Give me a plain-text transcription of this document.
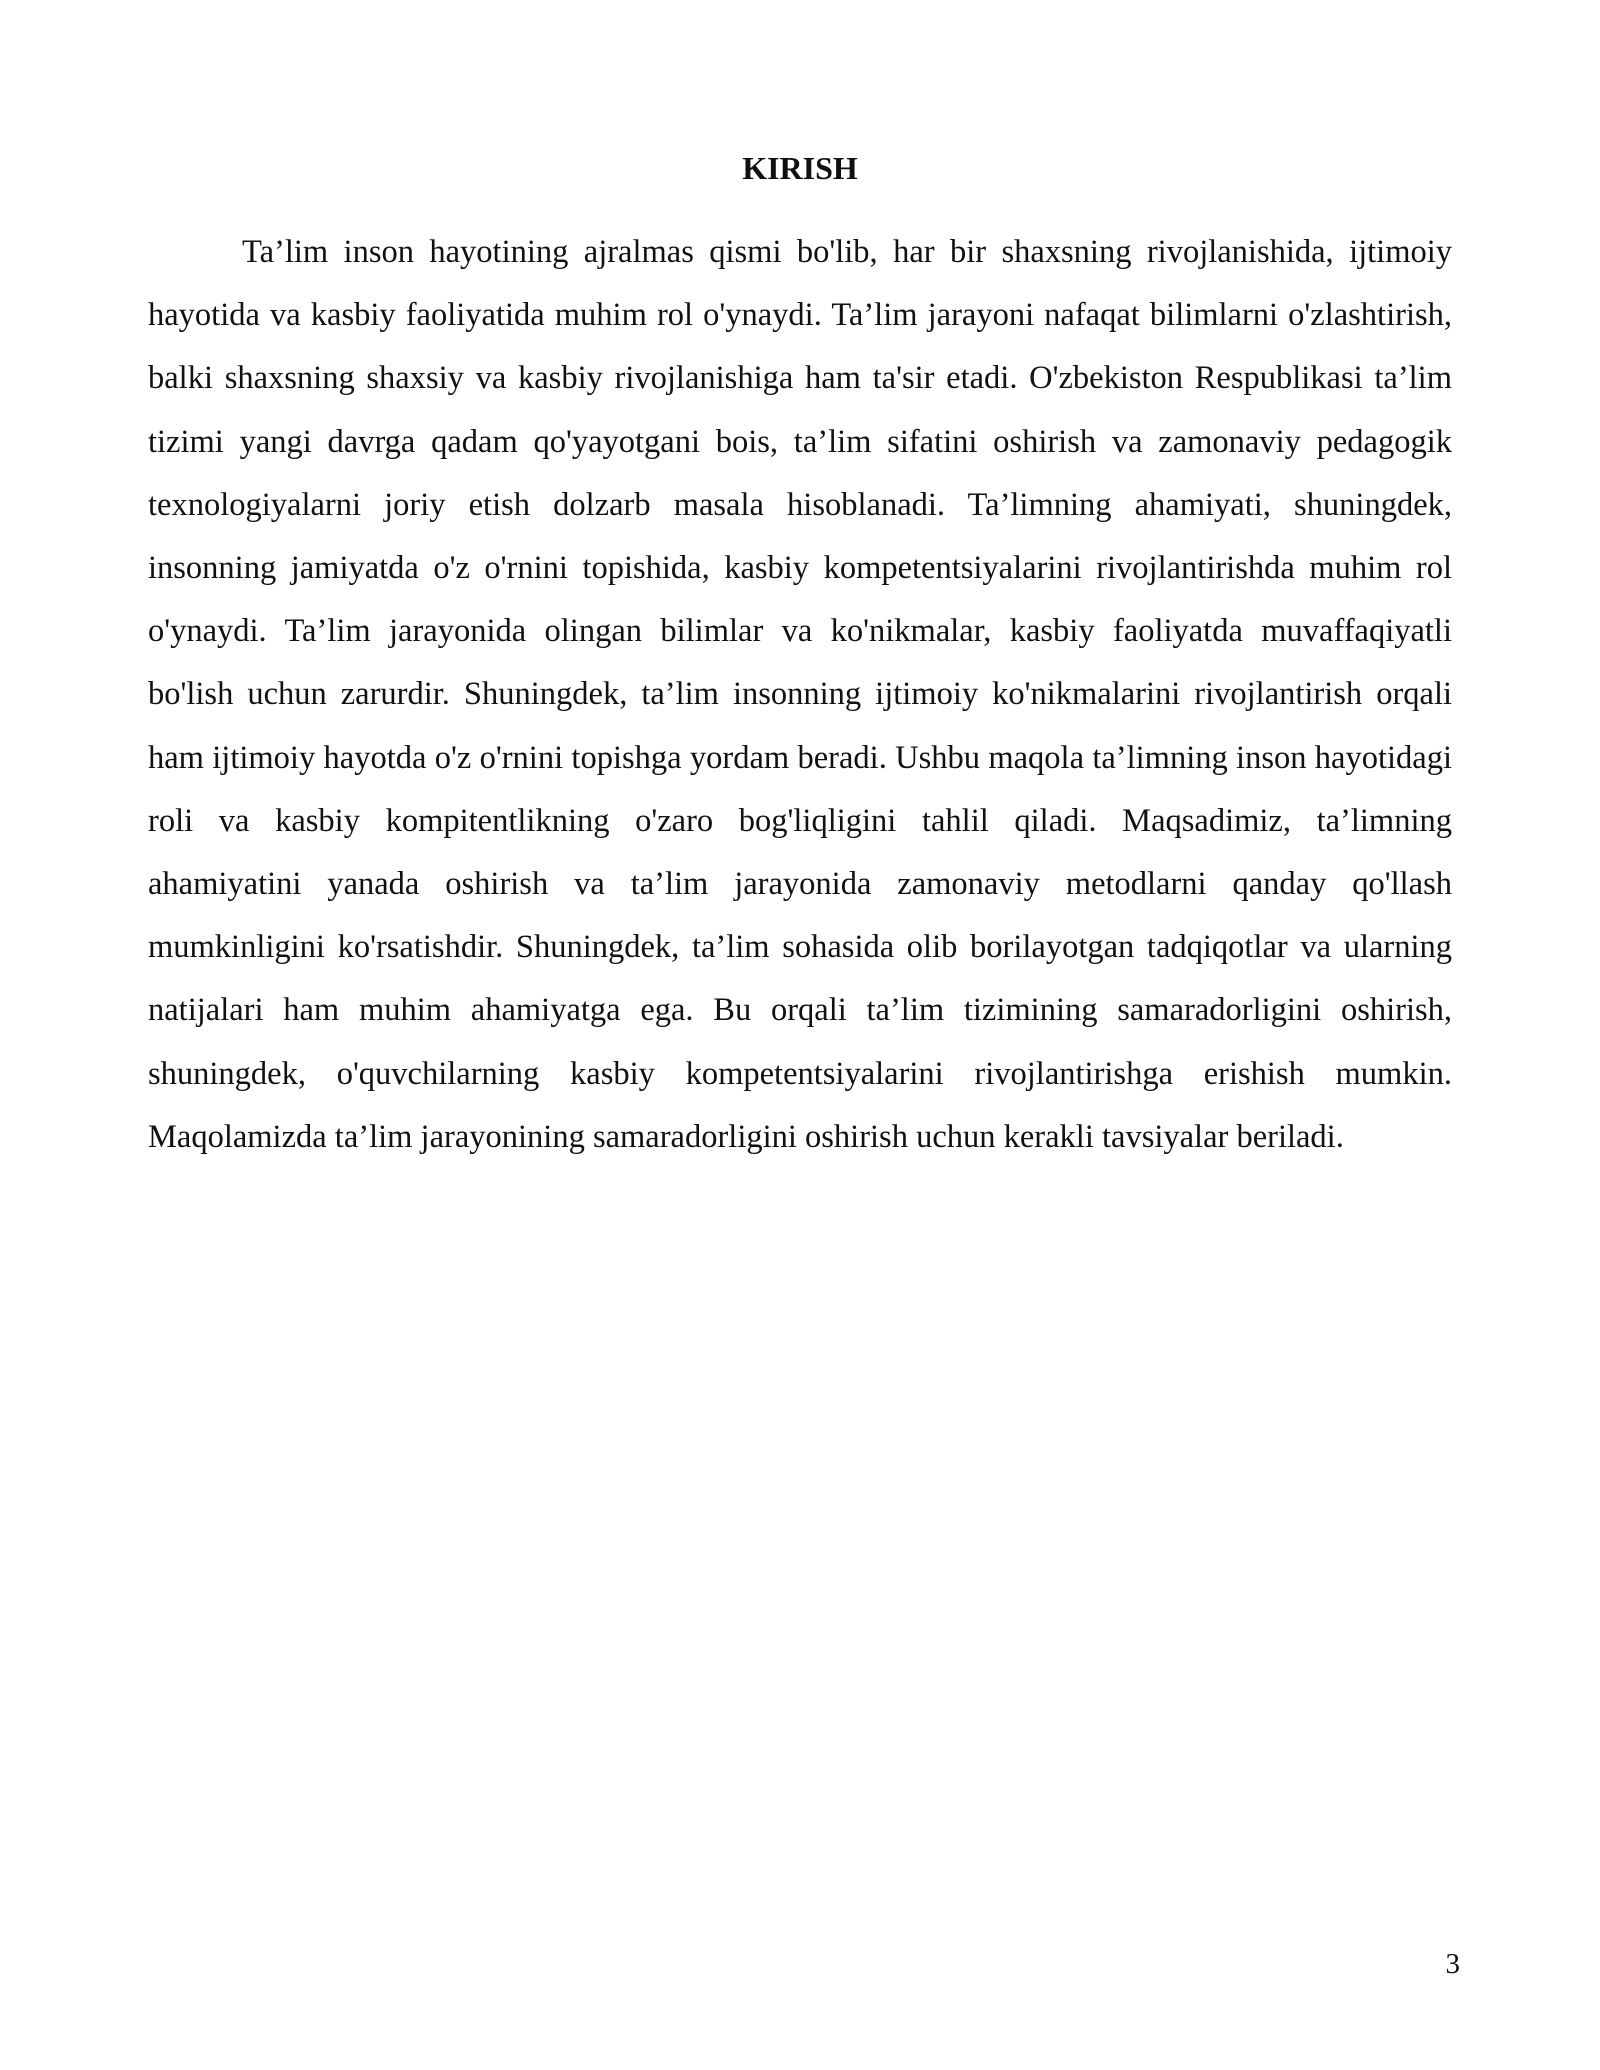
KIRISH

Ta’lim inson hayotining ajralmas qismi bo'lib, har bir shaxsning rivojlanishida, ijtimoiy hayotida va kasbiy faoliyatida muhim rol o'ynaydi. Ta’lim jarayoni nafaqat bilimlarni o'zlashtirish, balki shaxsning shaxsiy va kasbiy rivojlanishiga ham ta'sir etadi. O'zbekiston Respublikasi ta’lim tizimi yangi davrga qadam qo'yayotgani bois, ta’lim sifatini oshirish va zamonaviy pedagogik texnologiyalarni joriy etish dolzarb masala hisoblanadi. Ta’limning ahamiyati, shuningdek, insonning jamiyatda o'z o'rnini topishida, kasbiy kompetentsiyalarini rivojlantirishda muhim rol o'ynaydi. Ta’lim jarayonida olingan bilimlar va ko'nikmalar, kasbiy faoliyatda muvaffaqiyatli bo'lish uchun zarurdir. Shuningdek, ta’lim insonning ijtimoiy ko'nikmalarini rivojlantirish orqali ham ijtimoiy hayotda o'z o'rnini topishga yordam beradi. Ushbu maqola ta’limning inson hayotidagi roli va kasbiy kompitentlikning o'zaro bog'liqligini tahlil qiladi. Maqsadimiz, ta’limning ahamiyatini yanada oshirish va ta’lim jarayonida zamonaviy metodlarni qanday qo'llash mumkinligini ko'rsatishdir. Shuningdek, ta’lim sohasida olib borilayotgan tadqiqotlar va ularning natijalari ham muhim ahamiyatga ega. Bu orqali ta’lim tizimining samaradorligini oshirish, shuningdek, o'quvchilarning kasbiy kompetentsiyalarini rivojlantirishga erishish mumkin. Maqolamizda ta’lim jarayonining samaradorligini oshirish uchun kerakli tavsiyalar beriladi.

3
